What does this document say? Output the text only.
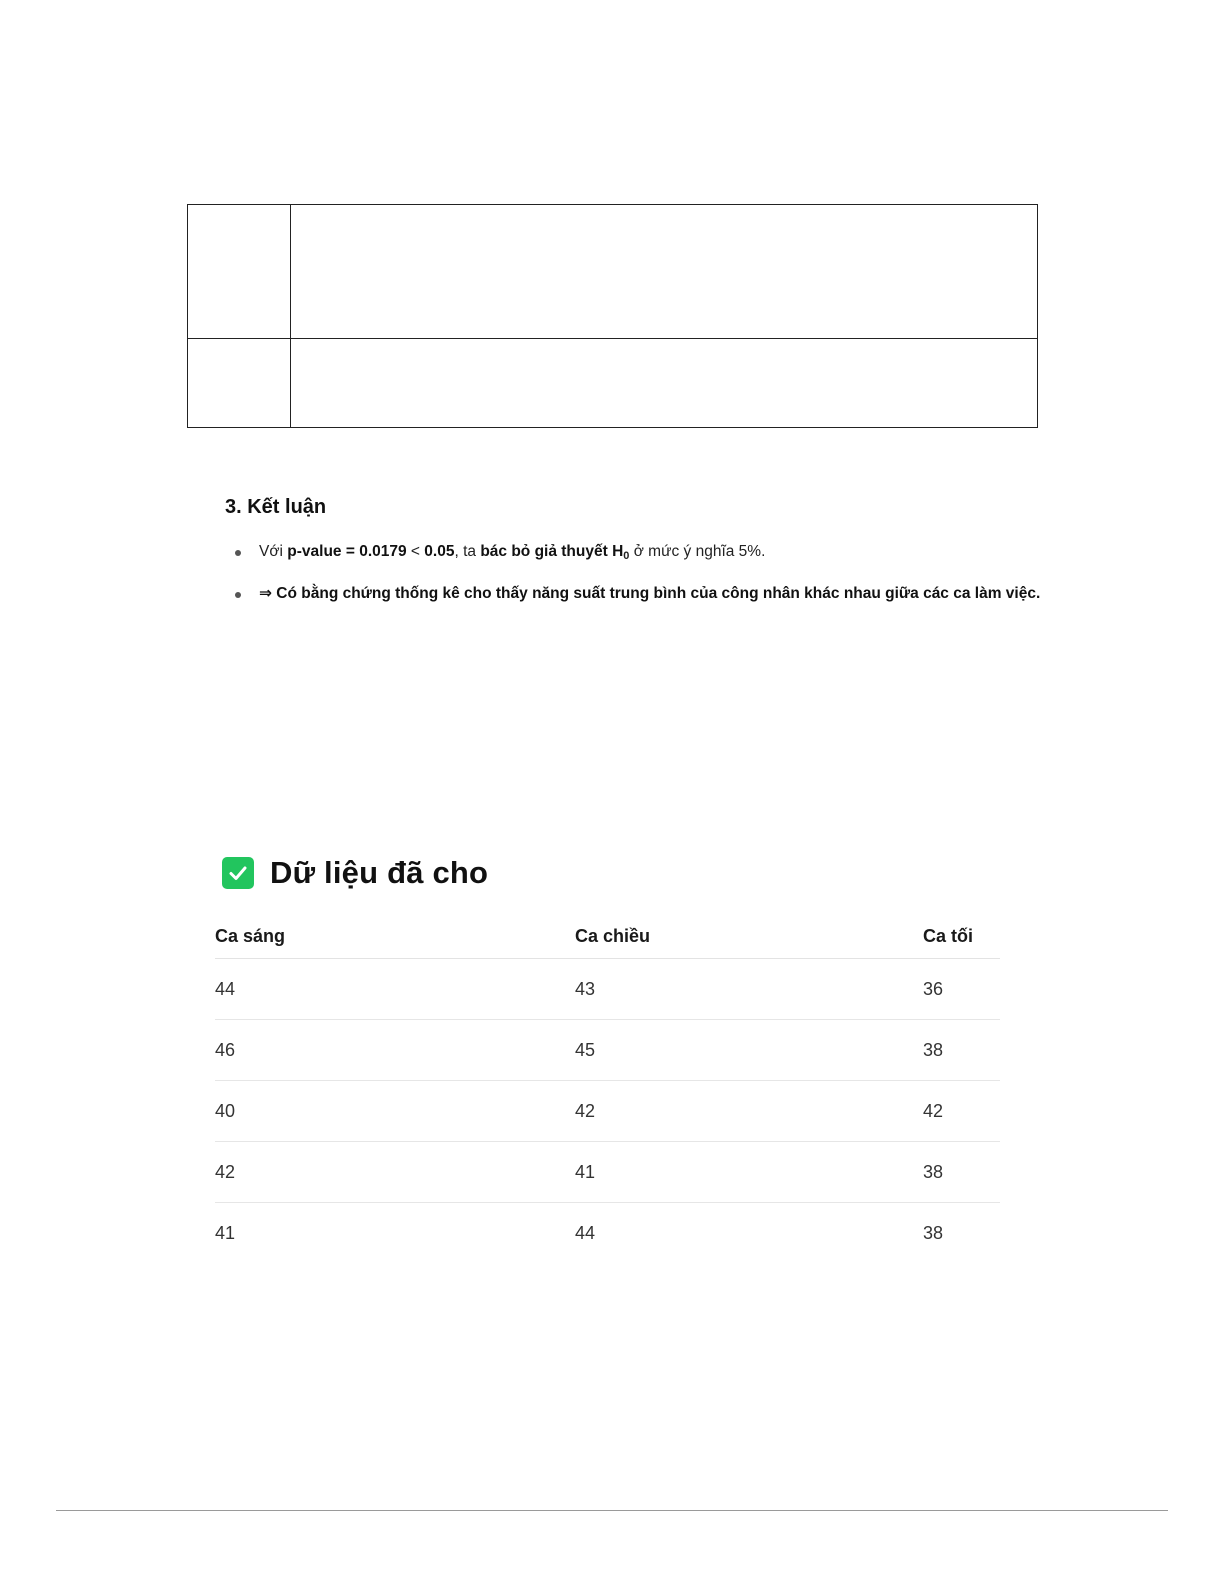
3. Kết luận
Với p-value = 0.0179 < 0.05, ta bác bỏ giả thuyết H0 ở mức ý nghĩa 5%.
⇒ Có bằng chứng thống kê cho thấy năng suất trung bình của công nhân khác nhau giữa các ca làm việc.
Dữ liệu đã cho
Ca sáng	Ca chiều	Ca tối
44	43	36
46	45	38
40	42	42
42	41	38
41	44	38
